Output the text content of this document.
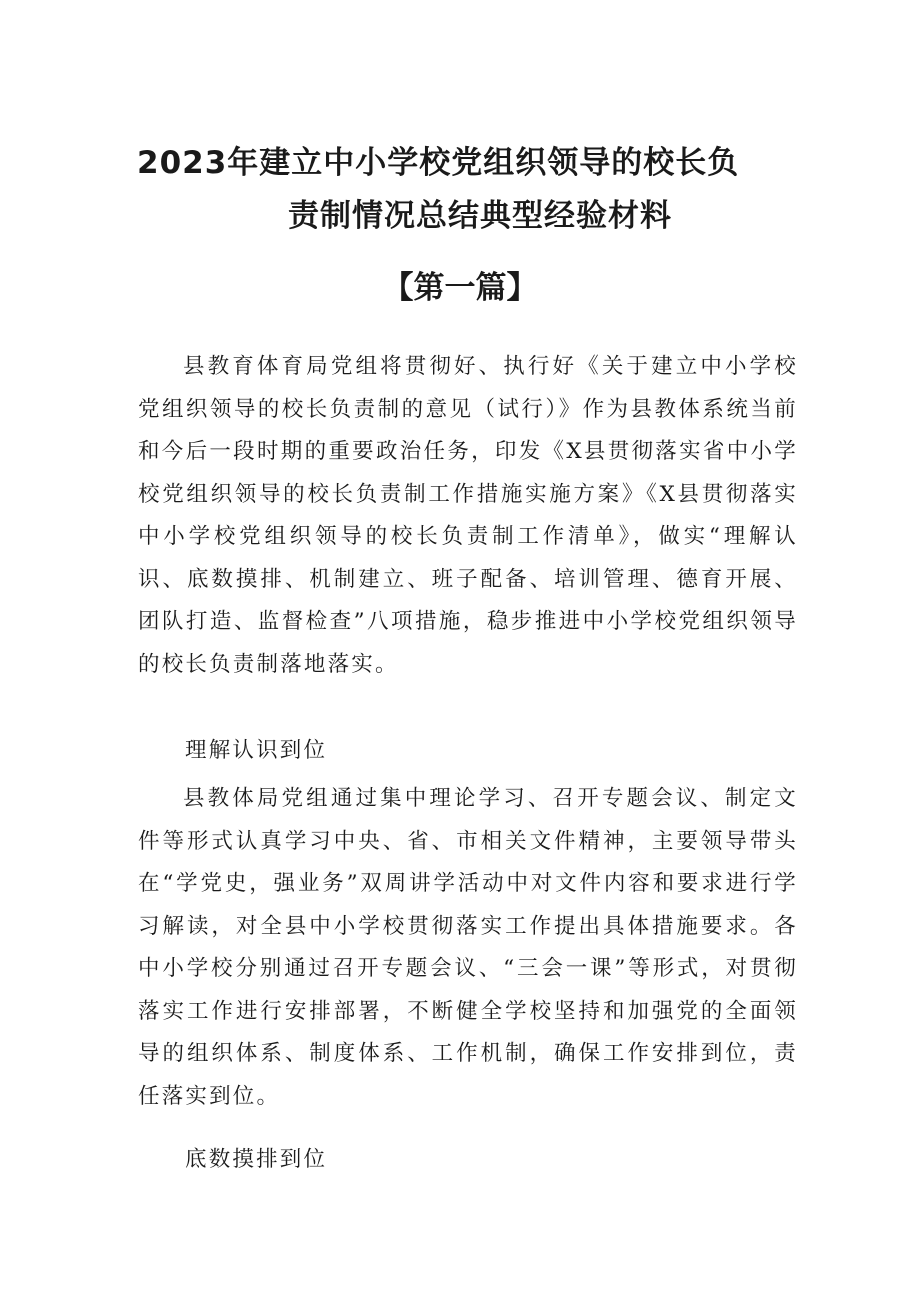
2023年建立中小学校党组织领导的校长负
责制情况总结典型经验材料
【第一篇】

县教育体育局党组将贯彻好、执行好《关于建立中小学校党组织领导的校长负责制的意见（试行）》作为县教体系统当前和今后一段时期的重要政治任务，印发《X县贯彻落实省中小学校党组织领导的校长负责制工作措施实施方案》《X县贯彻落实中小学校党组织领导的校长负责制工作清单》，做实“理解认识、底数摸排、机制建立、班子配备、培训管理、德育开展、团队打造、监督检查”八项措施，稳步推进中小学校党组织领导的校长负责制落地落实。

理解认识到位

县教体局党组通过集中理论学习、召开专题会议、制定文件等形式认真学习中央、省、市相关文件精神，主要领导带头在“学党史，强业务”双周讲学活动中对文件内容和要求进行学习解读，对全县中小学校贯彻落实工作提出具体措施要求。各中小学校分别通过召开专题会议、“三会一课”等形式，对贯彻落实工作进行安排部署，不断健全学校坚持和加强党的全面领导的组织体系、制度体系、工作机制，确保工作安排到位，责任落实到位。

底数摸排到位
